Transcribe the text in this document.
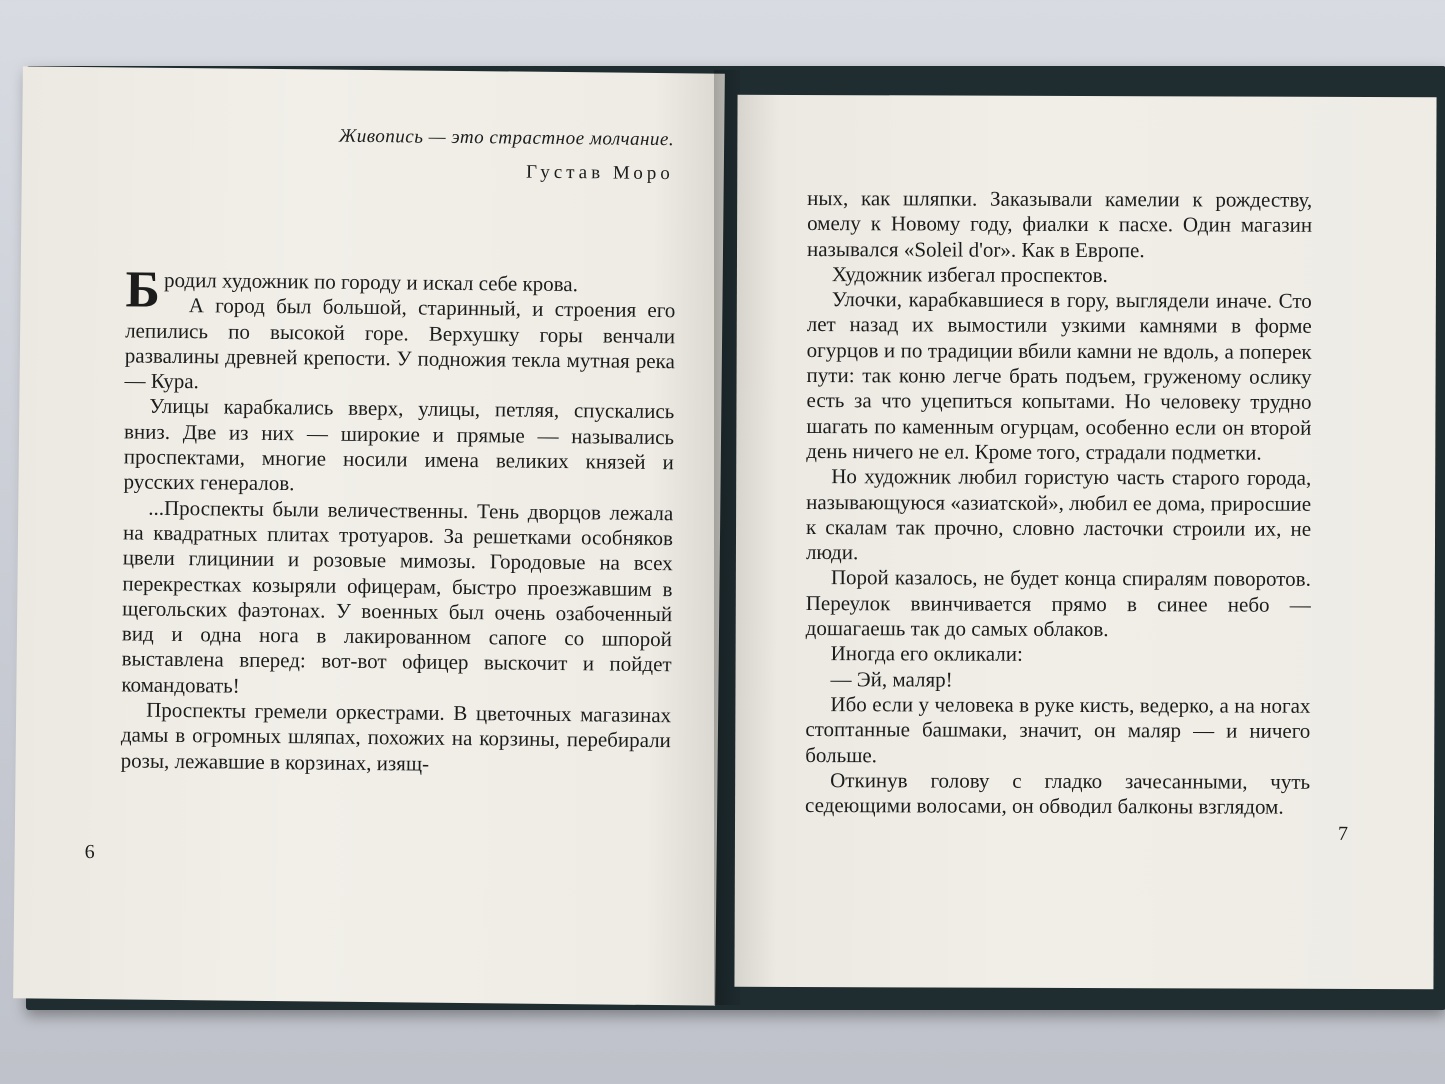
Живопись — это страстное молчание.
Густав Моро

Бродил художник по городу и искал себе крова.

А город был большой, старинный, и строения его лепились по высокой горе. Верхушку горы венчали развалины древней крепости. У подножия текла мутная река — Кура.

Улицы карабкались вверх, улицы, петляя, спускались вниз. Две из них — широкие и прямые — назывались проспектами, многие носили имена великих князей и русских генералов.

...Проспекты были величественны. Тень дворцов лежала на квадратных плитах тротуаров. За решетками особняков цвели глицинии и розовые мимозы. Городовые на всех перекрестках козыряли офицерам, быстро проезжавшим в щегольских фаэтонах. У военных был очень озабоченный вид и одна нога в лакированном сапоге со шпорой выставлена вперед: вот-вот офицер выскочит и пойдет командовать!

Проспекты гремели оркестрами. В цветочных магазинах дамы в огромных шляпах, похожих на корзины, перебирали розы, лежавшие в корзинах, изящ-

6

ных, как шляпки. Заказывали камелии к рождеству, омелу к Новому году, фиалки к пасхе. Один магазин назывался «Soleil d'or». Как в Европе.

Художник избегал проспектов.

Улочки, карабкавшиеся в гору, выглядели иначе. Сто лет назад их вымостили узкими камнями в форме огурцов и по традиции вбили камни не вдоль, а поперек пути: так коню легче брать подъем, груженому ослику есть за что уцепиться копытами. Но человеку трудно шагать по каменным огурцам, особенно если он второй день ничего не ел. Кроме того, страдали подметки.

Но художник любил гористую часть старого города, называющуюся «азиатской», любил ее дома, приросшие к скалам так прочно, словно ласточки строили их, не люди.

Порой казалось, не будет конца спиралям поворотов. Переулок ввинчивается прямо в синее небо — дошагаешь так до самых облаков.

Иногда его окликали:

— Эй, маляр!

Ибо если у человека в руке кисть, ведерко, а на ногах стоптанные башмаки, значит, он маляр — и ничего больше.

Откинув голову с гладко зачесанными, чуть седеющими волосами, он обводил балконы взглядом.

7
